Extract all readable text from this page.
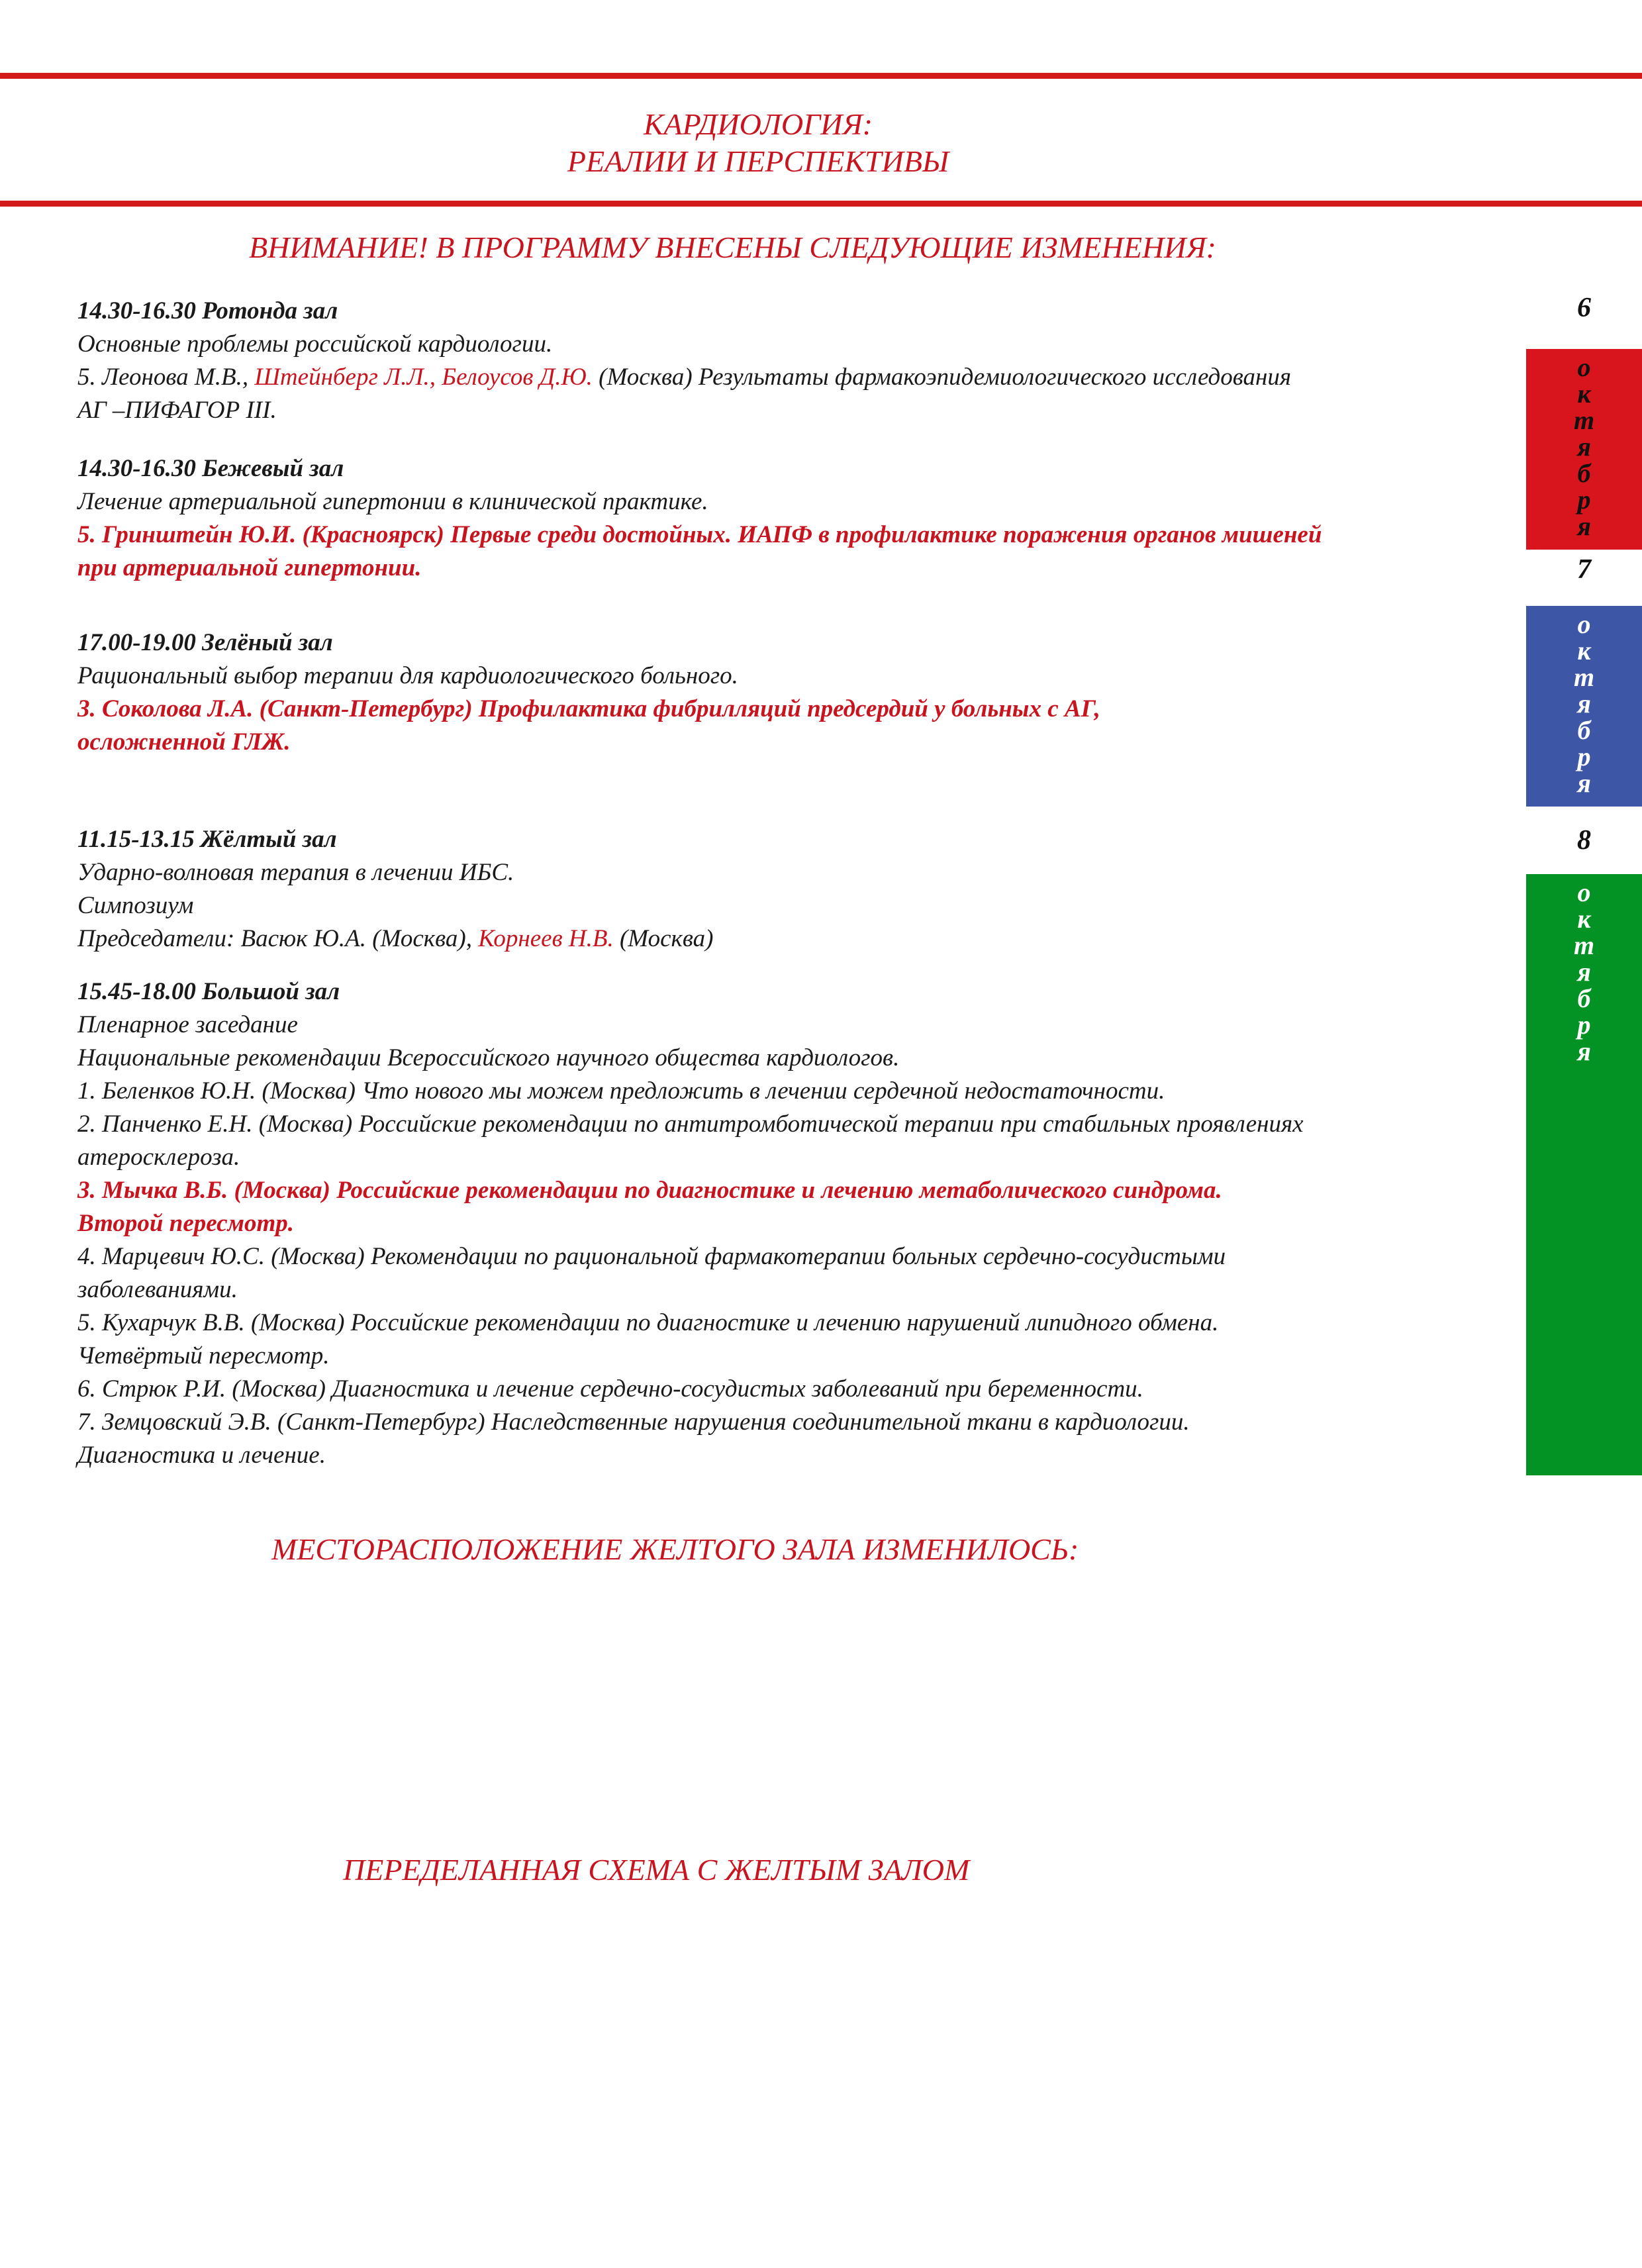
КАРДИОЛОГИЯ:
РЕАЛИИ И ПЕРСПЕКТИВЫ
ВНИМАНИЕ! В ПРОГРАММУ ВНЕСЕНЫ СЛЕДУЮЩИЕ ИЗМЕНЕНИЯ:

14.30-16.30 Ротонда зал

Основные проблемы российской кардиологии.

5. Леонова М.В., Штейнберг Л.Л., Белоусов Д.Ю. (Москва) Результаты фармакоэпидемиологического исследования

АГ –ПИФАГОР III.

14.30-16.30 Бежевый зал

Лечение артериальной гипертонии в клинической практике.

5. Гринштейн Ю.И. (Красноярск) Первые среди достойных. ИАПФ в профилактике поражения органов мишеней

при артериальной гипертонии.

17.00-19.00 Зелёный зал

Рациональный выбор терапии для кардиологического больного.

3. Соколова Л.А. (Санкт-Петербург) Профилактика фибрилляций предсердий у больных с АГ,

осложненной ГЛЖ.

11.15-13.15 Жёлтый зал

Ударно-волновая терапия в лечении ИБС.

Симпозиум

Председатели: Васюк Ю.А. (Москва), Корнеев Н.В. (Москва)

15.45-18.00 Большой зал

Пленарное заседание

Национальные рекомендации Всероссийского научного общества кардиологов.

1. Беленков Ю.Н. (Москва) Что нового мы можем предложить в лечении сердечной недостаточности.

2. Панченко Е.Н. (Москва) Российские рекомендации по антитромботической терапии при стабильных проявлениях

атеросклероза.

3. Мычка В.Б. (Москва) Российские рекомендации по диагностике и лечению метаболического синдрома.

Второй пересмотр.

4. Марцевич Ю.С. (Москва) Рекомендации по рациональной фармакотерапии больных сердечно-сосудистыми

заболеваниями.

5. Кухарчук В.В. (Москва) Российские рекомендации по диагностике и лечению нарушений липидного обмена.

Четвёртый пересмотр.

6. Стрюк Р.И. (Москва) Диагностика и лечение сердечно-сосудистых заболеваний при беременности.

7. Земцовский Э.В. (Санкт-Петербург) Наследственные нарушения соединительной ткани в кардиологии.

Диагностика и лечение.

МЕСТОРАСПОЛОЖЕНИЕ ЖЕЛТОГО ЗАЛА ИЗМЕНИЛОСЬ:
ПЕРЕДЕЛАННАЯ СХЕМА С ЖЕЛТЫМ ЗАЛОМ
6
о
к
т
я
б
р
я
7
о
к
т
я
б
р
я
8
о
к
т
я
б
р
я
